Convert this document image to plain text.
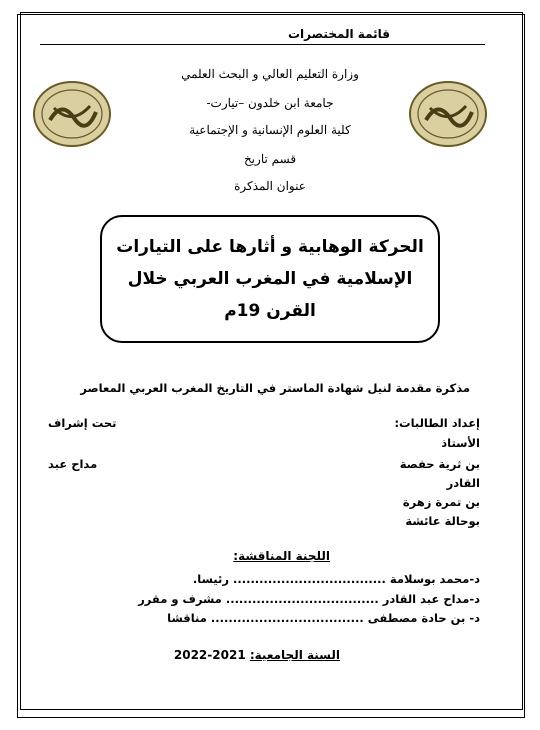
قائمة المختصرات
وزارة التعليم العالي و البحث العلمي
جامعة ابن خلدون –تيارت-
كلية العلوم الإنسانية و الإجتماعية
قسم تاريخ
عنوان المذكرة
الحركة الوهابية و أثارها على التيارات
الإسلامية في المغرب العربي خلال
القرن 19م
مذكرة مقدمة لنيل شهادة الماستر في التاريخ المغرب العربي المعاصر
إعداد الطالبات:
الأستاذ
بن ثرية حفصة
القادر
بن تمرة زهرة
بوحالة عائشة
تحت إشراف
مداح عبد
اللجنة المناقشة:
د-محمد بوسلامة ................................... رئيسا.
د-مداح عبد القادر ................................... مشرف و مقرر
د- بن حادة مصطفى ................................... مناقشا
السنة الجامعية: 2021-2022
